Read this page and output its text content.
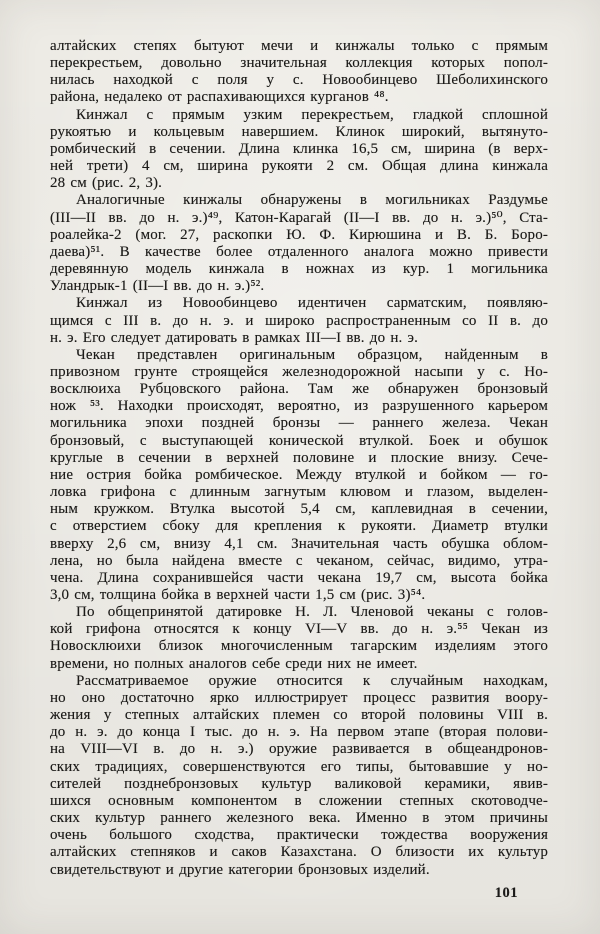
алтайских степях бытуют мечи и кинжалы только с прямым
перекрестьем, довольно значительная коллекция которых попол-
нилась находкой с поля у с. Новообинцево Шеболихинского
района, недалеко от распахивающихся курганов ⁴⁸.
Кинжал с прямым узким перекрестьем, гладкой сплошной
рукоятью и кольцевым навершием. Клинок широкий, вытянуто-
ромбический в сечении. Длина клинка 16,5 см, ширина (в верх-
ней трети) 4 см, ширина рукояти 2 см. Общая длина кинжала
28 см (рис. 2, 3).
Аналогичные кинжалы обнаружены в могильниках Раздумье
(III—II вв. до н. э.)⁴⁹, Катон-Карагай (II—I вв. до н. э.)⁵⁰, Ста-
роалейка-2 (мог. 27, раскопки Ю. Ф. Кирюшина и В. Б. Боро-
даева)⁵¹. В качестве более отдаленного аналога можно привести
деревянную модель кинжала в ножнах из кур. 1 могильника
Уландрык-1 (II—I вв. до н. э.)⁵².
Кинжал из Новообинцево идентичен сарматским, появляю-
щимся с III в. до н. э. и широко распространенным со II в. до
н. э. Его следует датировать в рамках III—I вв. до н. э.
Чекан представлен оригинальным образцом, найденным в
привозном грунте строящейся железнодорожной насыпи у с. Но-
восклюиха Рубцовского района. Там же обнаружен бронзовый
нож ⁵³. Находки происходят, вероятно, из разрушенного карьером
могильника эпохи поздней бронзы — раннего железа. Чекан
бронзовый, с выступающей конической втулкой. Боек и обушок
круглые в сечении в верхней половине и плоские внизу. Сече-
ние острия бойка ромбическое. Между втулкой и бойком — го-
ловка грифона с длинным загнутым клювом и глазом, выделен-
ным кружком. Втулка высотой 5,4 см, каплевидная в сечении,
с отверстием сбоку для крепления к рукояти. Диаметр втулки
вверху 2,6 см, внизу 4,1 см. Значительная часть обушка облом-
лена, но была найдена вместе с чеканом, сейчас, видимо, утра-
чена. Длина сохранившейся части чекана 19,7 см, высота бойка
3,0 см, толщина бойка в верхней части 1,5 см (рис. 3)⁵⁴.
По общепринятой датировке Н. Л. Членовой чеканы с голов-
кой грифона относятся к концу VI—V вв. до н. э.⁵⁵ Чекан из
Новосклюихи близок многочисленным тагарским изделиям этого
времени, но полных аналогов себе среди них не имеет.
Рассматриваемое оружие относится к случайным находкам,
но оно достаточно ярко иллюстрирует процесс развития воору-
жения у степных алтайских племен со второй половины VIII в.
до н. э. до конца I тыс. до н. э. На первом этапе (вторая полови-
на VIII—VI в. до н. э.) оружие развивается в общеандронов-
ских традициях, совершенствуются его типы, бытовавшие у но-
сителей позднебронзовых культур валиковой керамики, явив-
шихся основным компонентом в сложении степных скотоводче-
ских культур раннего железного века. Именно в этом причины
очень большого сходства, практически тождества вооружения
алтайских степняков и саков Казахстана. О близости их культур
свидетельствуют и другие категории бронзовых изделий.
101
